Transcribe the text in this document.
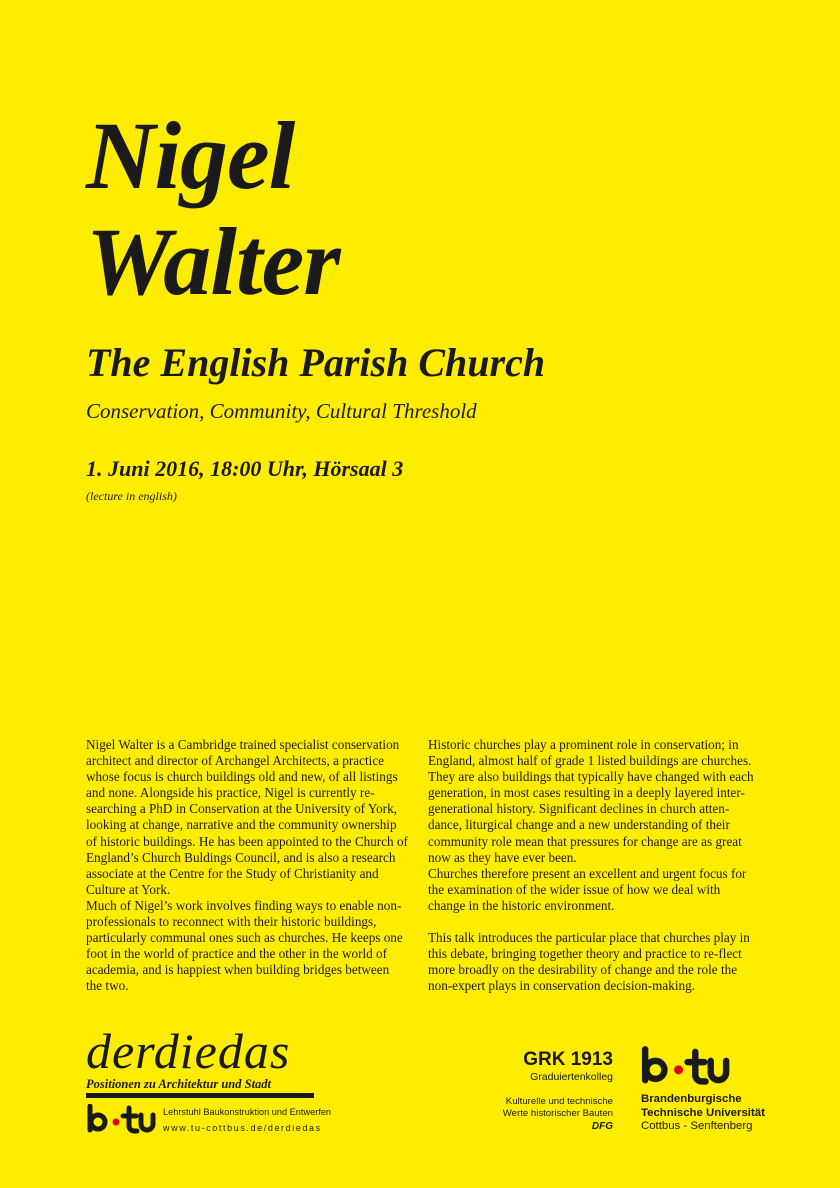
Nigel
Walter
The English Parish Church

Conservation, Community, Cultural Threshold

1. Juni 2016, 18:00 Uhr, Hörsaal 3

(lecture in english)

Nigel Walter is a Cambridge trained specialist conservation architect and director of Archangel Architects, a practice whose focus is church buildings old and new, of all listings and none. Alongside his practice, Nigel is currently re-searching a PhD in Conservation at the University of York, looking at change, narrative and the community ownership of historic buildings. He has been appointed to the Church of England’s Church Buldings Council, and is also a research associate at the Centre for the Study of Christianity and Culture at York.

Much of Nigel’s work involves finding ways to enable non-professionals to reconnect with their historic buildings, particularly communal ones such as churches. He keeps one foot in the world of practice and the other in the world of academia, and is happiest when building bridges between the two.

Historic churches play a prominent role in conservation; in England, almost half of grade 1 listed buildings are churches. They are also buildings that typically have changed with each generation, in most cases resulting in a deeply layered inter-generational history. Significant declines in church atten-dance, liturgical change and a new understanding of their community role mean that pressures for change are as great now as they have ever been.

Churches therefore present an excellent and urgent focus for the examination of the wider issue of how we deal with change in the historic environment.

This talk introduces the particular place that churches play in this debate, bringing together theory and practice to re-flect more broadly on the desirability of change and the role the non-expert plays in conservation decision-making.

derdiedas

Positionen zu Architektur und Stadt

Lehrstuhl Baukonstruktion und Entwerfen

www.tu-cottbus.de/derdiedas

GRK 1913

Graduiertenkolleg

Kulturelle und technische
Werte historischer Bauten

DFG

Brandenburgische
Technische Universität
Cottbus - Senftenberg
